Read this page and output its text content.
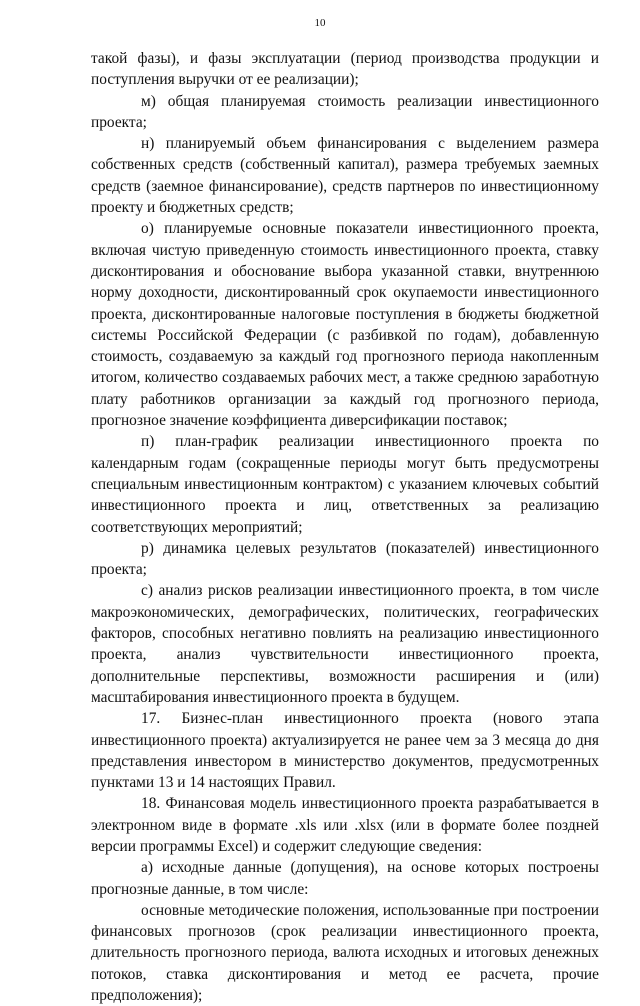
10

такой фазы), и фазы эксплуатации (период производства продукции и поступления выручки от ее реализации);

м) общая планируемая стоимость реализации инвестиционного проекта;

н) планируемый объем финансирования с выделением размера собственных средств (собственный капитал), размера требуемых заемных средств (заемное финансирование), средств партнеров по инвестиционному проекту и бюджетных средств;

о) планируемые основные показатели инвестиционного проекта, включая чистую приведенную стоимость инвестиционного проекта, ставку дисконтирования и обоснование выбора указанной ставки, внутреннюю норму доходности, дисконтированный срок окупаемости инвестиционного проекта, дисконтированные налоговые поступления в бюджеты бюджетной системы Российской Федерации (с разбивкой по годам), добавленную стоимость, создаваемую за каждый год прогнозного периода накопленным итогом, количество создаваемых рабочих мест, а также среднюю заработную плату работников организации за каждый год прогнозного периода, прогнозное значение коэффициента диверсификации поставок;

п) план-график реализации инвестиционного проекта по календарным годам (сокращенные периоды могут быть предусмотрены специальным инвестиционным контрактом) с указанием ключевых событий инвестиционного проекта и лиц, ответственных за реализацию соответствующих мероприятий;

р) динамика целевых результатов (показателей) инвестиционного проекта;

с) анализ рисков реализации инвестиционного проекта, в том числе макроэкономических, демографических, политических, географических факторов, способных негативно повлиять на реализацию инвестиционного проекта, анализ чувствительности инвестиционного проекта, дополнительные перспективы, возможности расширения и (или) масштабирования инвестиционного проекта в будущем.

17. Бизнес-план инвестиционного проекта (нового этапа инвестиционного проекта) актуализируется не ранее чем за 3 месяца до дня представления инвестором в министерство документов, предусмотренных пунктами 13 и 14 настоящих Правил.

18. Финансовая модель инвестиционного проекта разрабатывается в электронном виде в формате .xls или .xlsx (или в формате более поздней версии программы Excel) и содержит следующие сведения:

а) исходные данные (допущения), на основе которых построены прогнозные данные, в том числе:

основные методические положения, использованные при построении финансовых прогнозов (срок реализации инвестиционного проекта, длительность прогнозного периода, валюта исходных и итоговых денежных потоков, ставка дисконтирования и метод ее расчета, прочие предположения);
